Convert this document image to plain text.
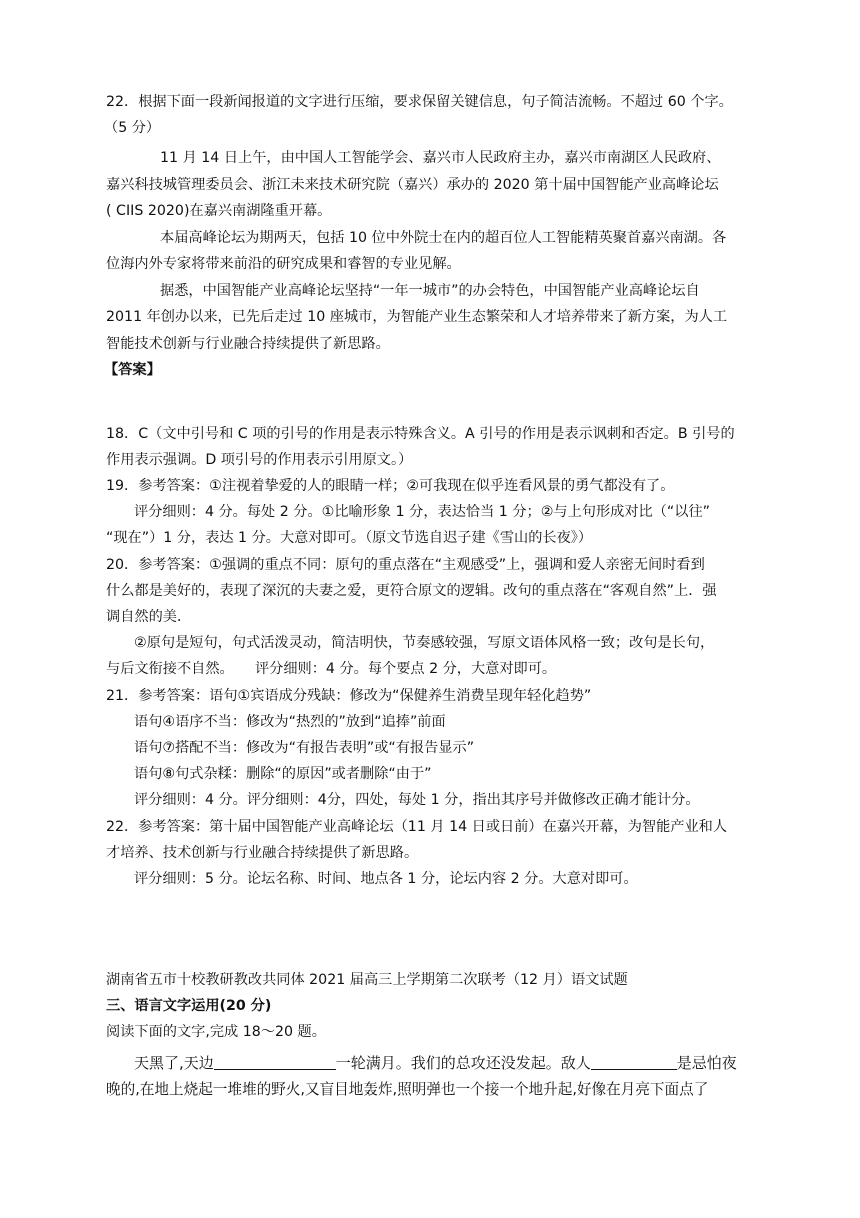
22．根据下面一段新闻报道的文字进行压缩，要求保留关键信息，句子简洁流畅。不超过 60 个字。
（5 分）
11 月 14 日上午，由中国人工智能学会、嘉兴市人民政府主办，嘉兴市南湖区人民政府、
嘉兴科技城管理委员会、浙江未来技术研究院（嘉兴）承办的 2020 第十届中国智能产业高峰论坛
( CIIS 2020)在嘉兴南湖隆重开幕。
本届高峰论坛为期两天，包括 10 位中外院士在内的超百位人工智能精英聚首嘉兴南湖。各
位海内外专家将带来前沿的研究成果和睿智的专业见解。
据悉，中国智能产业高峰论坛坚持“一年一城市”的办会特色，中国智能产业高峰论坛自
2011 年创办以来，已先后走过 10 座城市，为智能产业生态繁荣和人才培养带来了新方案，为人工
智能技术创新与行业融合持续提供了新思路。
【答案】
18．C（文中引号和 C 项的引号的作用是表示特殊含义。A 引号的作用是表示讽刺和否定。B 引号的
作用表示强调。D 项引号的作用表示引用原文。）
19．参考答案：①注视着挚爱的人的眼睛一样；②可我现在似乎连看风景的勇气都没有了。
评分细则：4 分。每处 2 分。①比喻形象 1 分，表达恰当 1 分；②与上句形成对比（“以往”
“现在”）1 分，表达 1 分。大意对即可。（原文节选自迟子建《雪山的长夜》）
20．参考答案：①强调的重点不同：原句的重点落在“主观感受”上，强调和爱人亲密无间时看到
什么都是美好的，表现了深沉的夫妻之爱，更符合原文的逻辑。改句的重点落在“客观自然”上．强
调自然的美．
②原句是短句，句式活泼灵动，简洁明快，节奏感较强，写原文语体风格一致；改句是长句，
与后文衔接不自然。　　评分细则：4 分。每个要点 2 分，大意对即可。
21．参考答案：语句①宾语成分残缺：修改为“保健养生消费呈现年轻化趋势”
语句④语序不当：修改为“热烈的”放到“追捧”前面
语句⑦搭配不当：修改为“有报告表明”或“有报告显示”
语句⑧句式杂糅：删除“的原因”或者删除“由于”
评分细则：4 分。评分细则：4分，四处，每处 1 分，指出其序号并做修改正确才能计分。
22．参考答案：第十届中国智能产业高峰论坛（11 月 14 日或日前）在嘉兴开幕，为智能产业和人
才培养、技术创新与行业融合持续提供了新思路。
评分细则：5 分。论坛名称、时间、地点各 1 分，论坛内容 2 分。大意对即可。
湖南省五市十校教研教改共同体 2021 届高三上学期第二次联考（12 月）语文试题
三、语言文字运用(20 分)
阅读下面的文字,完成 18～20 题。
天黑了,天边	一轮满月。我们的总攻还没发起。敌人	是忌怕夜
晚的,在地上烧起一堆堆的野火,又盲目地轰炸,照明弹也一个接一个地升起,好像在月亮下面点了
